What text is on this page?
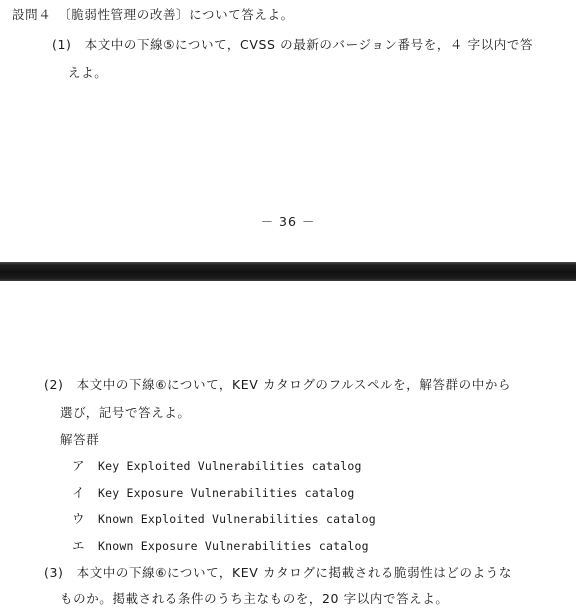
設問４　〔脆弱性管理の改善〕について答えよ。
(1)　本文中の下線⑤について，CVSS の最新のバージョン番号を，４ 字以内で答
えよ。
－ 36 －
(2)　本文中の下線⑥について，KEV カタログのフルスペルを，解答群の中から
選び，記号で答えよ。
解答群
ア Key Exploited Vulnerabilities catalog
イ Key Exposure Vulnerabilities catalog
ウ Known Exploited Vulnerabilities catalog
エ Known Exposure Vulnerabilities catalog
(3)　本文中の下線⑥について，KEV カタログに掲載される脆弱性はどのような
ものか。掲載される条件のうち主なものを，20 字以内で答えよ。
